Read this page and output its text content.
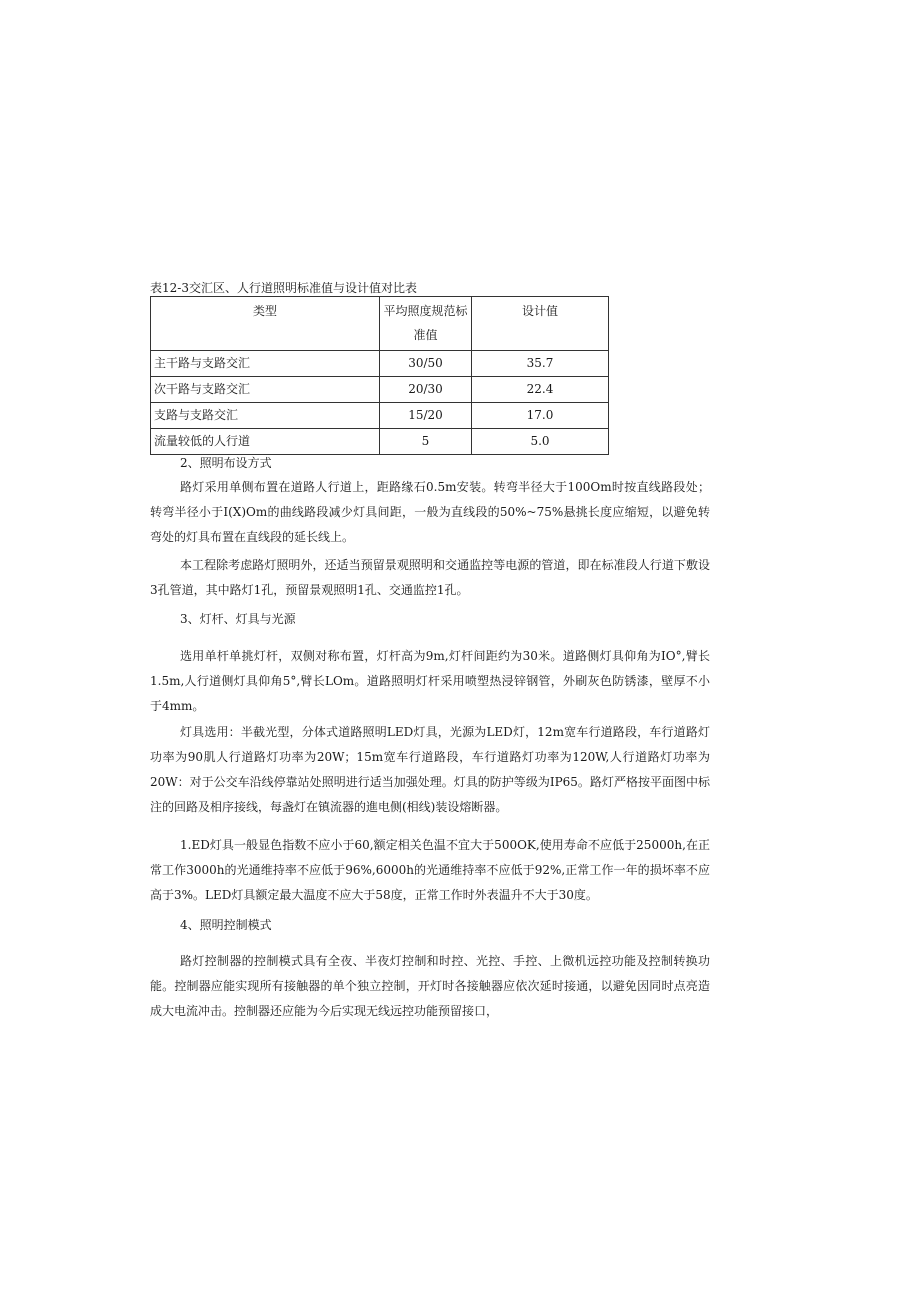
表12-3交汇区、人行道照明标准值与设计值对比表
类型	平均照度规范标准值	设计值
主干路与支路交汇	30/50	35.7
次干路与支路交汇	20/30	22.4
支路与支路交汇	15/20	17.0
流量较低的人行道	5	5.0
2、照明布设方式
路灯采用单侧布置在道路人行道上，距路缘石0.5m安装。转弯半径大于100Om时按直线路段处；转弯半径小于I(X)Om的曲线路段减少灯具间距，一般为直线段的50%~75%悬挑长度应缩短，以避免转弯处的灯具布置在直线段的延长线上。
本工程除考虑路灯照明外，还适当预留景观照明和交通监控等电源的管道，即在标准段人行道下敷设3孔管道，其中路灯1孔，预留景观照明1孔、交通监控1孔。
3、灯杆、灯具与光源
选用单杆单挑灯杆，双侧对称布置，灯杆高为9m,灯杆间距约为30米。道路侧灯具仰角为IO°,臂长1.5m,人行道侧灯具仰角5°,臂长LOm。道路照明灯杆采用喷塑热浸锌钢管，外刷灰色防锈漆，壁厚不小于4mm。
灯具选用：半截光型，分体式道路照明LED灯具，光源为LED灯，12m宽车行道路段，车行道路灯功率为90肌人行道路灯功率为20W；15m宽车行道路段，车行道路灯功率为120W,人行道路灯功率为20W：对于公交车沿线停靠站处照明进行适当加强处理。灯具的防护等级为IP65。路灯严格按平面图中标注的回路及相序接线，每盏灯在镇流器的進电侧(相线)装设熔断器。
1.ED灯具一般显色指数不应小于60,额定相关色温不宜大于500OK,使用寿命不应低于25000h,在正常工作3000h的光通维持率不应低于96%,6000h的光通维持率不应低于92%,正常工作一年的损坏率不应高于3%。LED灯具额定最大温度不应大于58度，正常工作时外表温升不大于30度。
4、照明控制模式
路灯控制器的控制模式具有全夜、半夜灯控制和时控、光控、手控、上微机远控功能及控制转换功能。控制器应能实现所有接触器的单个独立控制，开灯时各接触器应依次延时接通，以避免因同时点亮造成大电流冲击。控制器还应能为今后实现无线远控功能预留接口，
